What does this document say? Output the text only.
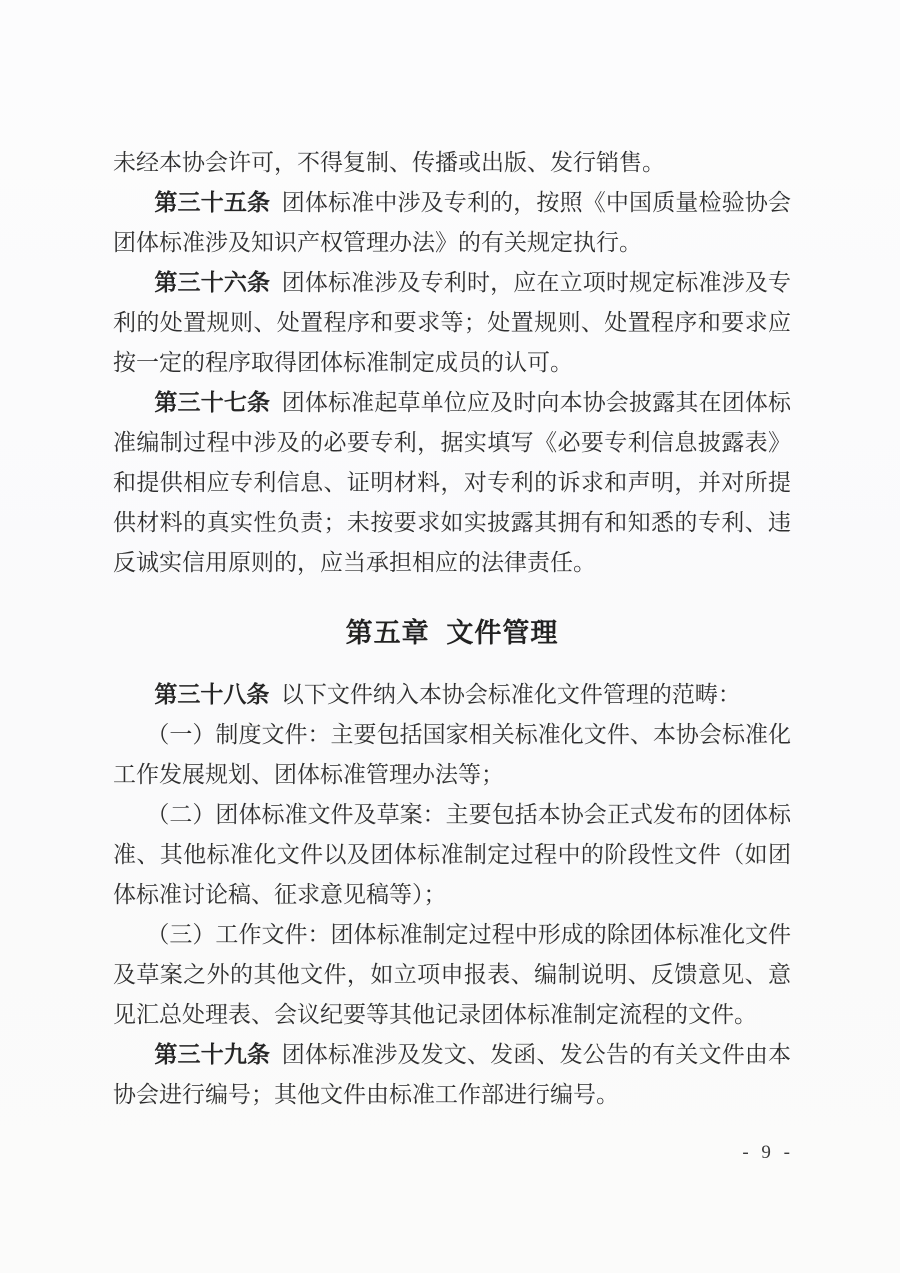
未经本协会许可，不得复制、传播或出版、发行销售。

第三十五条 团体标准中涉及专利的，按照《中国质量检验协会团体标准涉及知识产权管理办法》的有关规定执行。

第三十六条 团体标准涉及专利时，应在立项时规定标准涉及专利的处置规则、处置程序和要求等；处置规则、处置程序和要求应按一定的程序取得团体标准制定成员的认可。

第三十七条 团体标准起草单位应及时向本协会披露其在团体标准编制过程中涉及的必要专利，据实填写《必要专利信息披露表》和提供相应专利信息、证明材料，对专利的诉求和声明，并对所提供材料的真实性负责；未按要求如实披露其拥有和知悉的专利、违反诚实信用原则的，应当承担相应的法律责任。

第五章 文件管理

第三十八条 以下文件纳入本协会标准化文件管理的范畴：

（一）制度文件：主要包括国家相关标准化文件、本协会标准化工作发展规划、团体标准管理办法等；

（二）团体标准文件及草案：主要包括本协会正式发布的团体标准、其他标准化文件以及团体标准制定过程中的阶段性文件（如团体标准讨论稿、征求意见稿等）；

（三）工作文件：团体标准制定过程中形成的除团体标准化文件及草案之外的其他文件，如立项申报表、编制说明、反馈意见、意见汇总处理表、会议纪要等其他记录团体标准制定流程的文件。

第三十九条 团体标准涉及发文、发函、发公告的有关文件由本协会进行编号；其他文件由标准工作部进行编号。

- 9 -
